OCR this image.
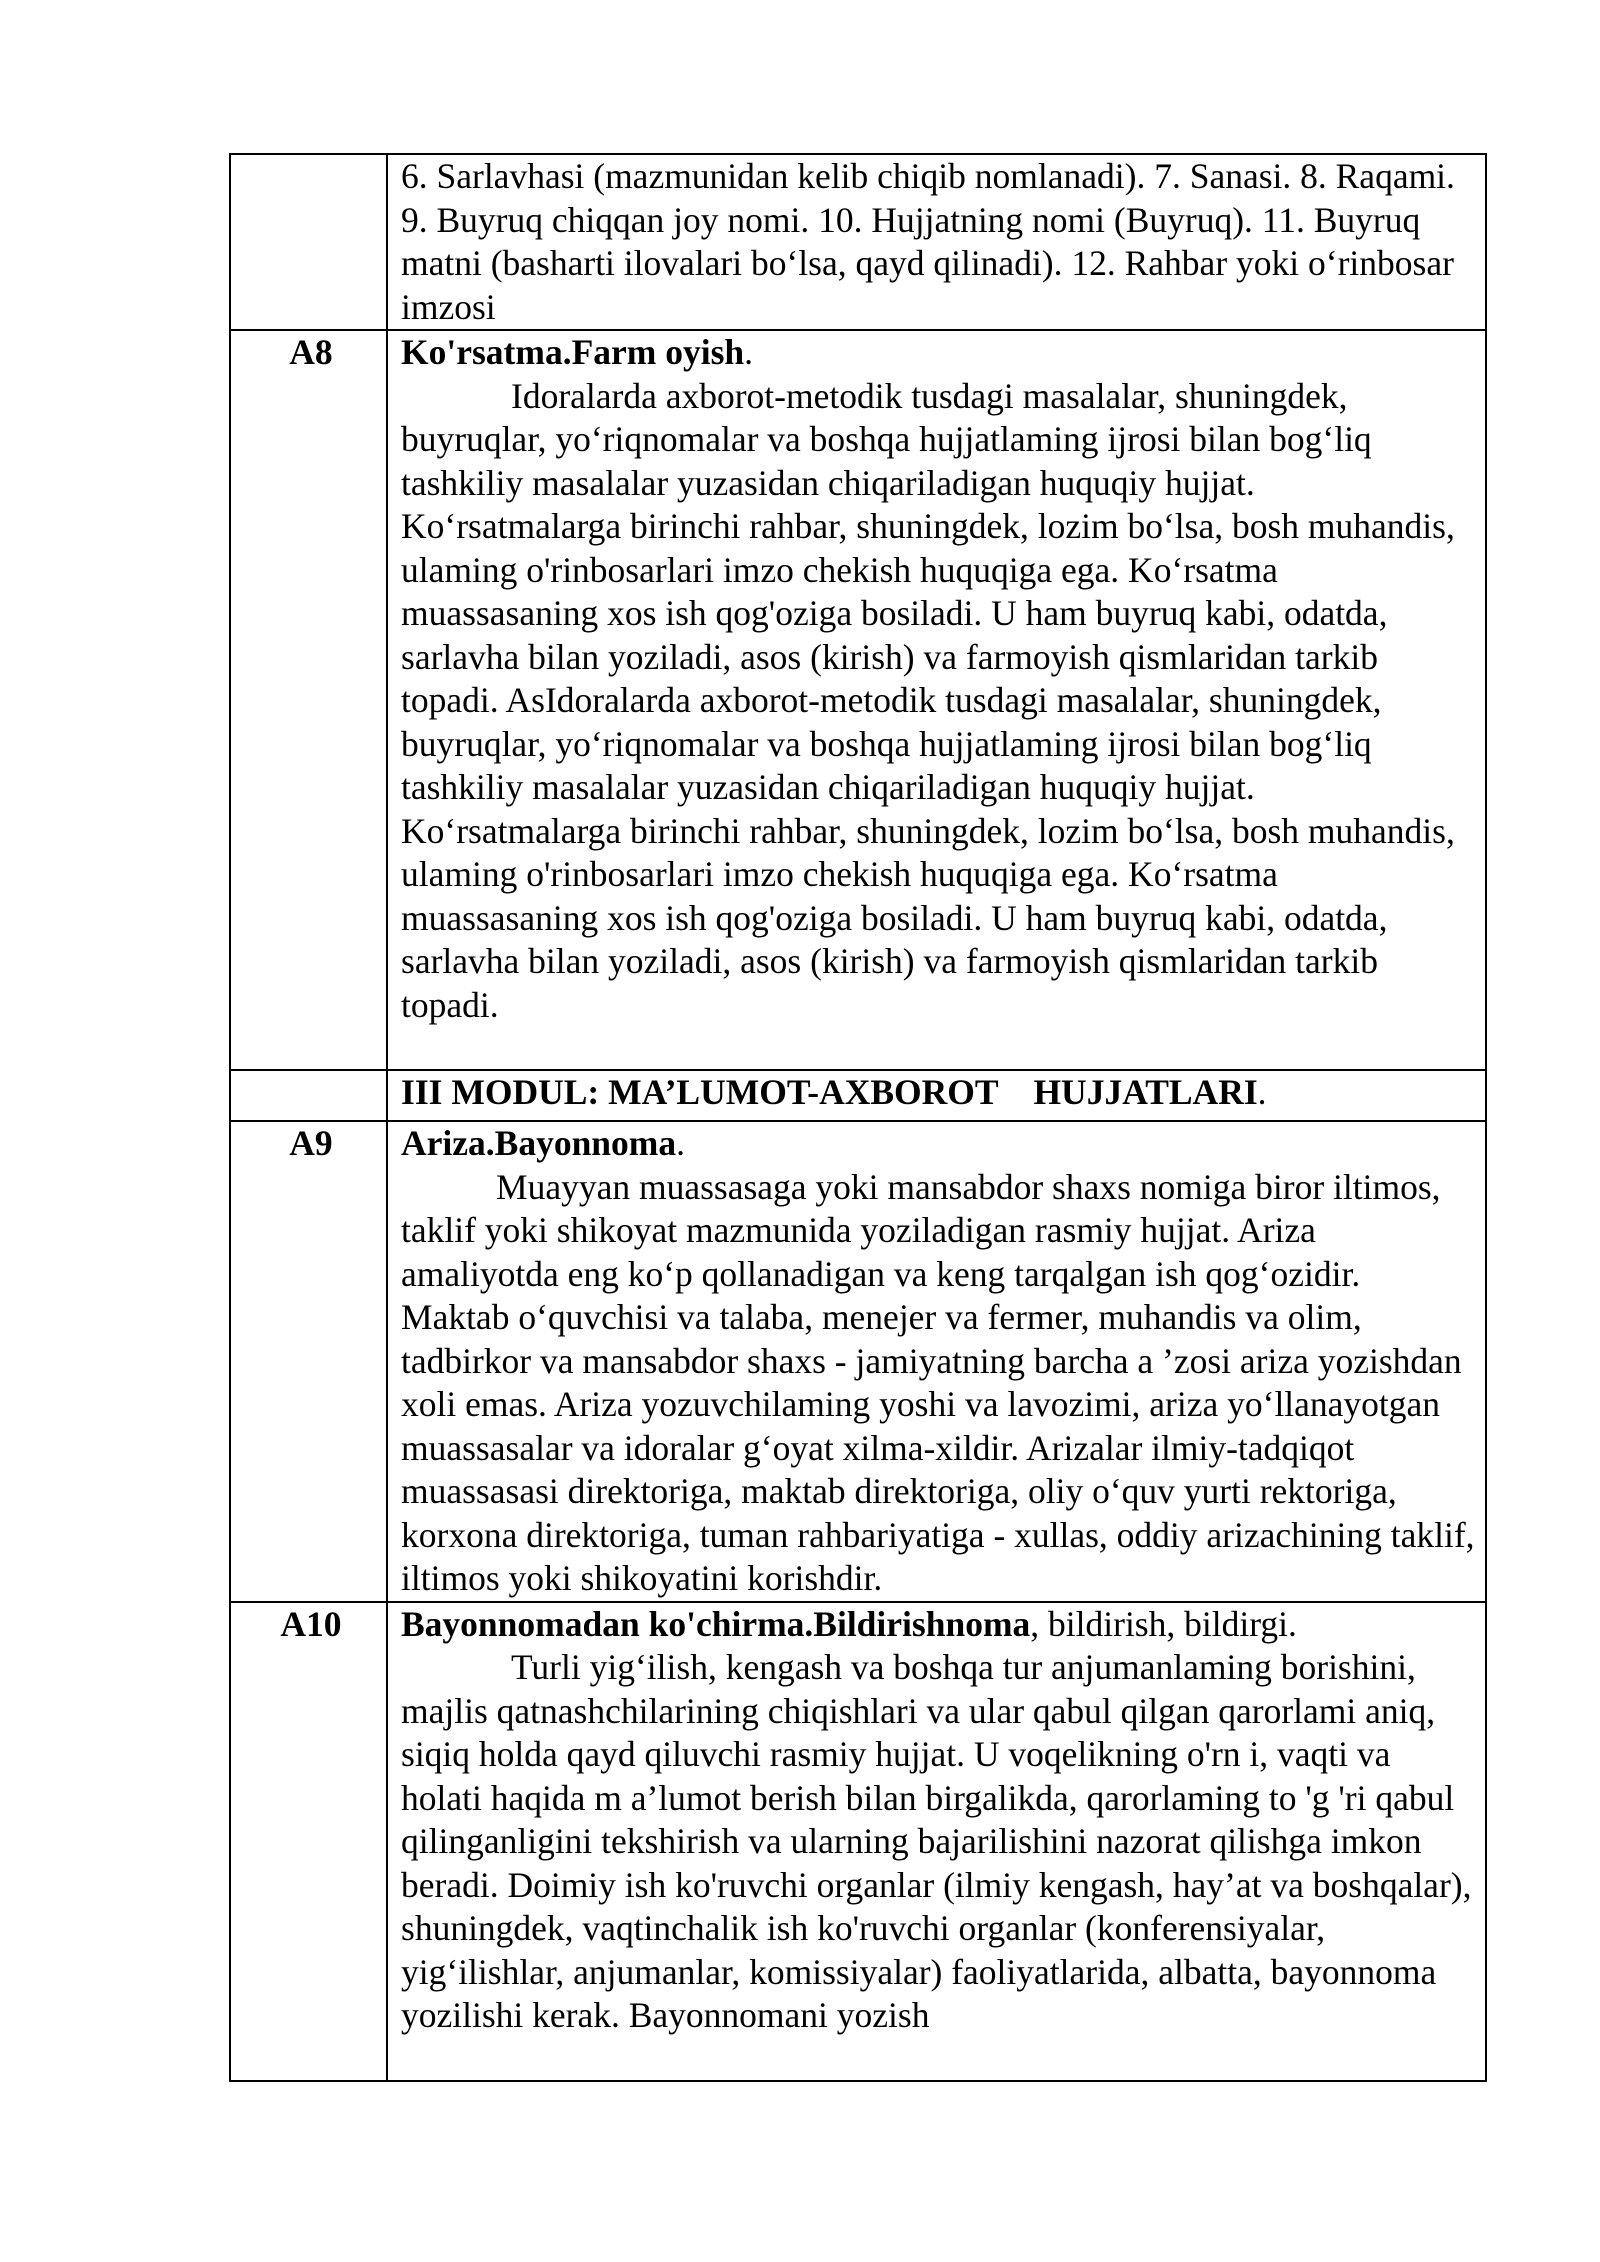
	6. Sarlavhasi (mazmunidan kelib chiqib nomlanadi). 7. Sanasi. 8. Raqami. 9. Buyruq chiqqan joy nomi. 10. Hujjatning nomi (Buyruq). 11. Buyruq matni (basharti ilovalari bo‘lsa, qayd qilinadi). 12. Rahbar yoki o‘rinbosar imzosi

A8	Ko'rsatma.Farm oyish.

Idoralarda axborot-metodik tusdagi masalalar, shuningdek, buyruqlar, yo‘riqnomalar va boshqa hujjatlaming ijrosi bilan bog‘liq tashkiliy masalalar yuzasidan chiqariladigan huquqiy hujjat. Ko‘rsatmalarga birinchi rahbar, shuningdek, lozim bo‘lsa, bosh muhandis, ulaming o'rinbosarlari imzo chekish huquqiga ega. Ko‘rsatma muassasaning xos ish qog'oziga bosiladi. U ham buyruq kabi, odatda, sarlavha bilan yoziladi, asos (kirish) va farmoyish qismlaridan tarkib topadi. AsIdoralarda axborot-metodik tusdagi masalalar, shuningdek, buyruqlar, yo‘riqnomalar va boshqa hujjatlaming ijrosi bilan bog‘liq tashkiliy masalalar yuzasidan chiqariladigan huquqiy hujjat. Ko‘rsatmalarga birinchi rahbar, shuningdek, lozim bo‘lsa, bosh muhandis, ulaming o'rinbosarlari imzo chekish huquqiga ega. Ko‘rsatma muassasaning xos ish qog'oziga bosiladi. U ham buyruq kabi, odatda, sarlavha bilan yoziladi, asos (kirish) va farmoyish qismlaridan tarkib topadi.

	III MODUL: MA’LUMOT-AXBOROT    HUJJATLARI.
A9	Ariza.Bayonnoma.

Muayyan muassasaga yoki mansabdor shaxs nomiga biror iltimos, taklif yoki shikoyat mazmunida yoziladigan rasmiy hujjat. Ariza amaliyotda eng ko‘p qollanadigan va keng tarqalgan ish qog‘ozidir. Maktab o‘quvchisi va talaba, menejer va fermer, muhandis va olim, tadbirkor va mansabdor shaxs - jamiyatning barcha a ’zosi ariza yozishdan xoli emas. Ariza yozuvchilaming yoshi va lavozimi, ariza yo‘llanayotgan muassasalar va idoralar g‘oyat xilma-xildir. Arizalar ilmiy-tadqiqot muassasasi direktoriga, maktab direktoriga, oliy o‘quv yurti rektoriga, korxona direktoriga, tuman rahbariyatiga - xullas, oddiy arizachining taklif, iltimos yoki shikoyatini korishdir.

A10	Bayonnomadan ko'chirma.Bildirishnoma, bildirish, bildirgi.

Turli yig‘ilish, kengash va boshqa tur anjumanlaming borishini, majlis qatnashchilarining chiqishlari va ular qabul qilgan qarorlami aniq, siqiq holda qayd qiluvchi rasmiy hujjat. U voqelikning o'rn i, vaqti va holati haqida m a’lumot berish bilan birgalikda, qarorlaming to 'g 'ri qabul qilinganligini tekshirish va ularning bajarilishini nazorat qilishga imkon beradi. Doimiy ish ko'ruvchi organlar (ilmiy kengash, hay’at va boshqalar), shuningdek, vaqtinchalik ish ko'ruvchi organlar (konferensiyalar, yig‘ilishlar, anjumanlar, komissiyalar) faoliyatlarida, albatta, bayonnoma yozilishi kerak. Bayonnomani yozish
